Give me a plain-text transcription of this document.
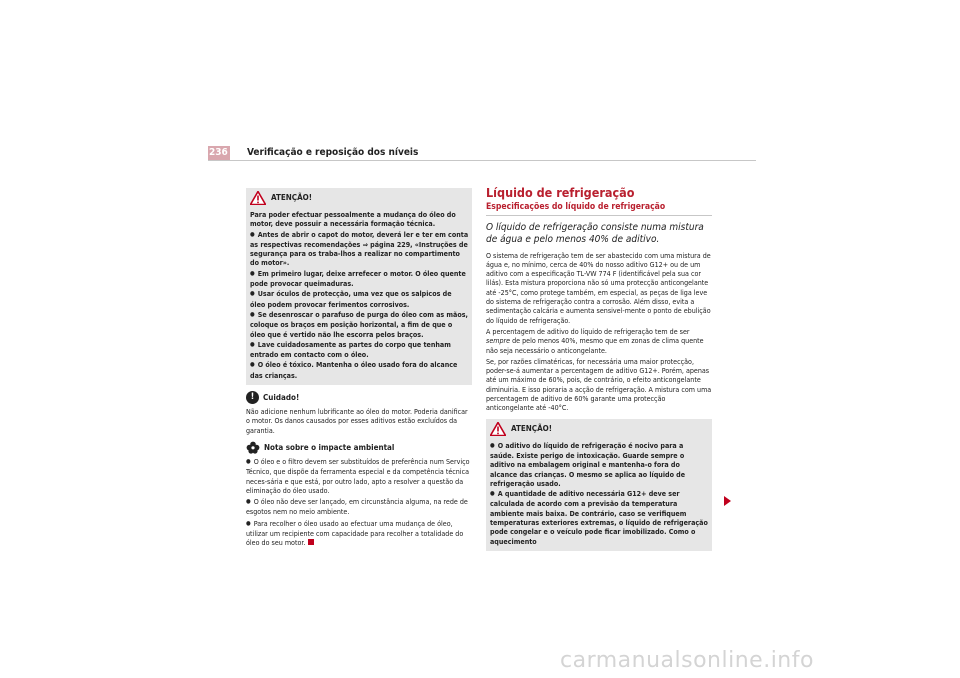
236 Verificação e reposição dos níveis
ATENÇÃO!

Para poder efectuar pessoalmente a mudança do óleo do motor, deve possuir a necessária formação técnica.

● Antes de abrir o capot do motor, deverá ler e ter em conta as respectivas recomendações ⇒ página 229, «Instruções de segurança para os traba-lhos a realizar no compartimento do motor».

● Em primeiro lugar, deixe arrefecer o motor. O óleo quente pode provocar queimaduras.

● Usar óculos de protecção, uma vez que os salpicos de óleo podem provocar ferimentos corrosivos.

● Se desenroscar o parafuso de purga do óleo com as mãos, coloque os braços em posição horizontal, a fim de que o óleo que é vertido não lhe escorra pelos braços.

● Lave cuidadosamente as partes do corpo que tenham entrado em contacto com o óleo.

● O óleo é tóxico. Mantenha o óleo usado fora do alcance das crianças.

!	Cuidado!

Não adicione nenhum lubrificante ao óleo do motor. Poderia danificar o motor. Os danos causados por esses aditivos estão excluídos da garantia.

Nota sobre o impacte ambiental

● O óleo e o filtro devem ser substituídos de preferência num Serviço Técnico, que dispõe da ferramenta especial e da competência técnica neces-sária e que está, por outro lado, apto a resolver a questão da eliminação do óleo usado.

● O óleo não deve ser lançado, em circunstância alguma, na rede de esgotos nem no meio ambiente.

● Para recolher o óleo usado ao efectuar uma mudança de óleo, utilizar um recipiente com capacidade para recolher a totalidade do óleo do seu motor.

Líquido de refrigeração
Especificações do líquido de refrigeração

O líquido de refrigeração consiste numa mistura de água e pelo menos 40% de aditivo.

O sistema de refrigeração tem de ser abastecido com uma mistura de água e, no mínimo, cerca de 40% do nosso aditivo G12+ ou de um aditivo com a especificação TL-VW 774 F (identificável pela sua cor lilás). Esta mistura proporciona não só uma protecção anticongelante até -25°C, como protege também, em especial, as peças de liga leve do sistema de refrigeração contra a corrosão. Além disso, evita a sedimentação calcária e aumenta sensivel-mente o ponto de ebulição do líquido de refrigeração.

A percentagem de aditivo do líquido de refrigeração tem de ser sempre de pelo menos 40%, mesmo que em zonas de clima quente não seja necessário o anticongelante.

Se, por razões climatéricas, for necessária uma maior protecção, poder-se-á aumentar a percentagem de aditivo G12+. Porém, apenas até um máximo de 60%, pois, de contrário, o efeito anticongelante diminuiria. E isso pioraria a acção de refrigeração. A mistura com uma percentagem de aditivo de 60% garante uma protecção anticongelante até -40°C.

ATENÇÃO!

● O aditivo do líquido de refrigeração é nocivo para a saúde. Existe perigo de intoxicação. Guarde sempre o aditivo na embalagem original e mantenha-o fora do alcance das crianças. O mesmo se aplica ao líquido de refrigeração usado.

● A quantidade de aditivo necessária G12+ deve ser calculada de acordo com a previsão da temperatura ambiente mais baixa. De contrário, caso se verifiquem temperaturas exteriores extremas, o líquido de refrigeração pode congelar e o veículo pode ficar imobilizado. Como o aquecimento

carmanualsonline.info
